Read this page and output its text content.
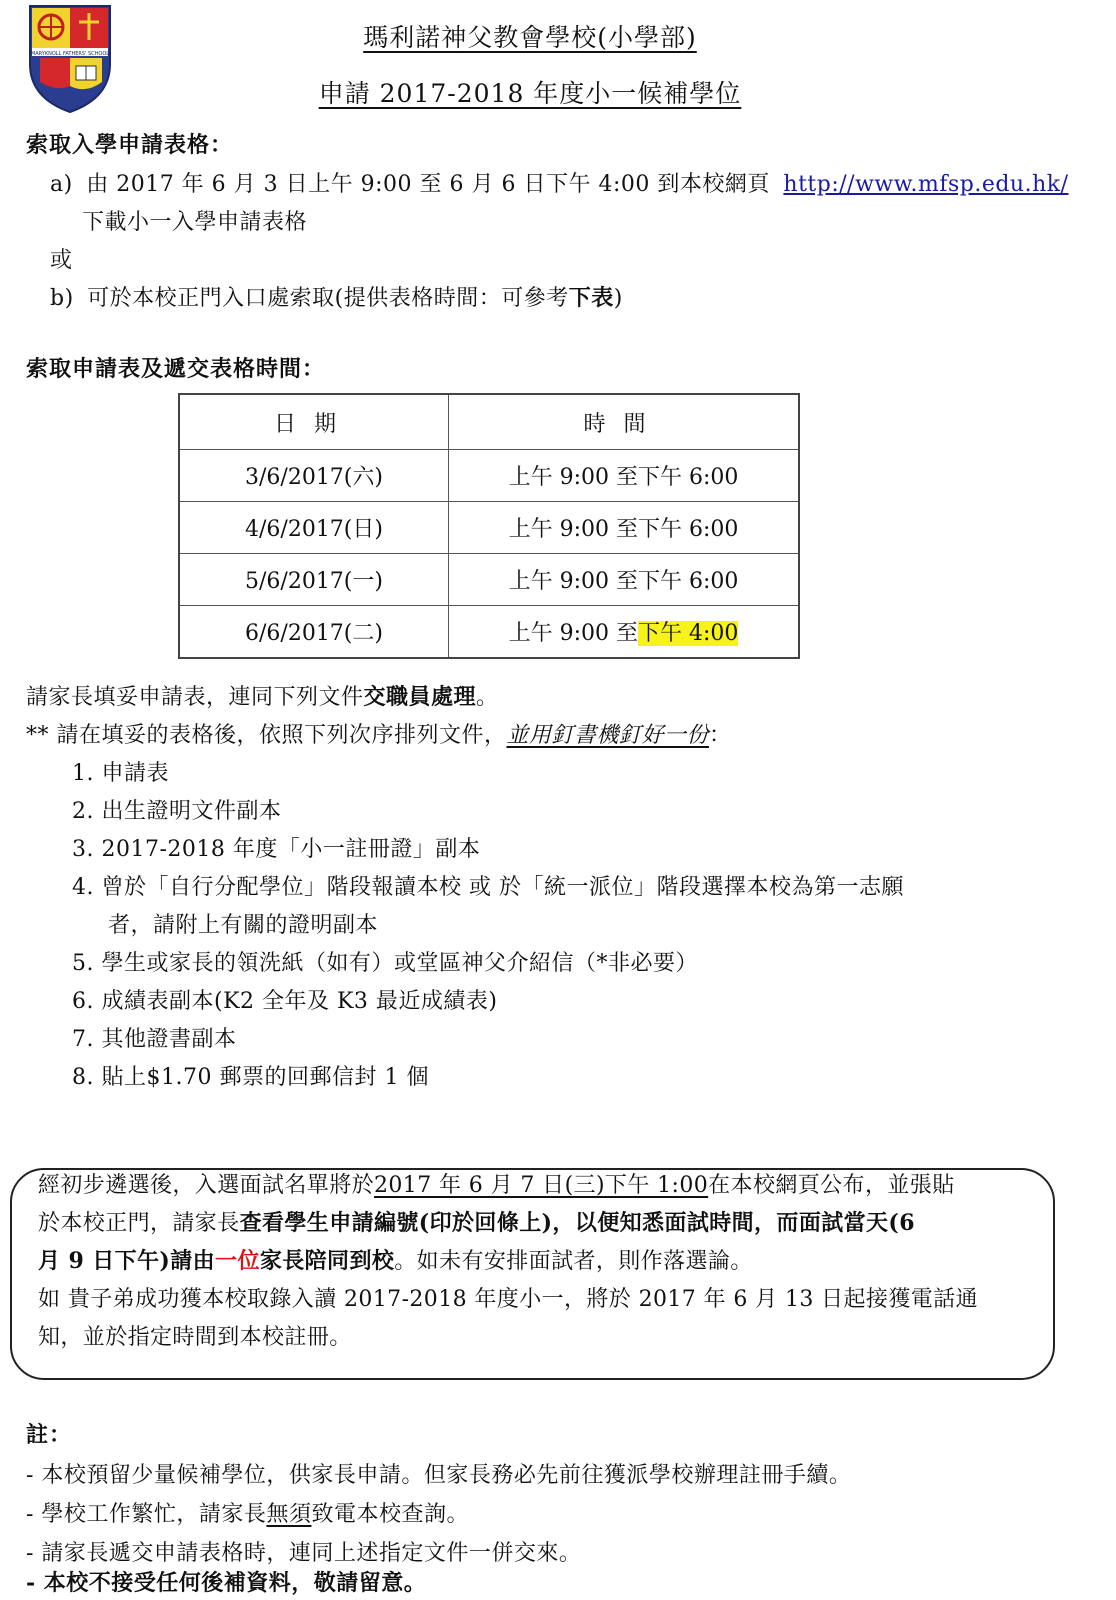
MARYKNOLL FATHERS' SCHOOL
瑪利諾神父教會學校(小學部)
申請 2017-2018 年度小一候補學位
索取入學申請表格：
a) 由 2017 年 6 月 3 日上午 9:00 至 6 月 6 日下午 4:00 到本校網頁 http://www.mfsp.edu.hk/
下載小一入學申請表格
或
b) 可於本校正門入口處索取(提供表格時間：可參考下表)
索取申請表及遞交表格時間：
日期	時間
3/6/2017(六)	上午 9:00 至下午 6:00
4/6/2017(日)	上午 9:00 至下午 6:00
5/6/2017(一)	上午 9:00 至下午 6:00
6/6/2017(二)	上午 9:00 至下午 4:00
請家長填妥申請表，連同下列文件交職員處理。
** 請在填妥的表格後，依照下列次序排列文件，並用釘書機釘好一份：
1. 申請表
2. 出生證明文件副本
3. 2017-2018 年度「小一註冊證」副本
4. 曾於「自行分配學位」階段報讀本校 或 於「統一派位」階段選擇本校為第一志願
者，請附上有關的證明副本
5. 學生或家長的領洗紙（如有）或堂區神父介紹信（*非必要）
6. 成績表副本(K2 全年及 K3 最近成績表)
7. 其他證書副本
8. 貼上$1.70 郵票的回郵信封 1 個
經初步遴選後，入選面試名單將於2017 年 6 月 7 日(三)下午 1:00在本校網頁公布，並張貼
於本校正門，請家長查看學生申請編號(印於回條上)，以便知悉面試時間，而面試當天(6
月 9 日下午)請由一位家長陪同到校。如未有安排面試者，則作落選論。
如 貴子弟成功獲本校取錄入讀 2017-2018 年度小一，將於 2017 年 6 月 13 日起接獲電話通
知，並於指定時間到本校註冊。
註：
- 本校預留少量候補學位，供家長申請。但家長務必先前往獲派學校辦理註冊手續。
- 學校工作繁忙，請家長無須致電本校查詢。
- 請家長遞交申請表格時，連同上述指定文件一併交來。
- 本校不接受任何後補資料，敬請留意。
